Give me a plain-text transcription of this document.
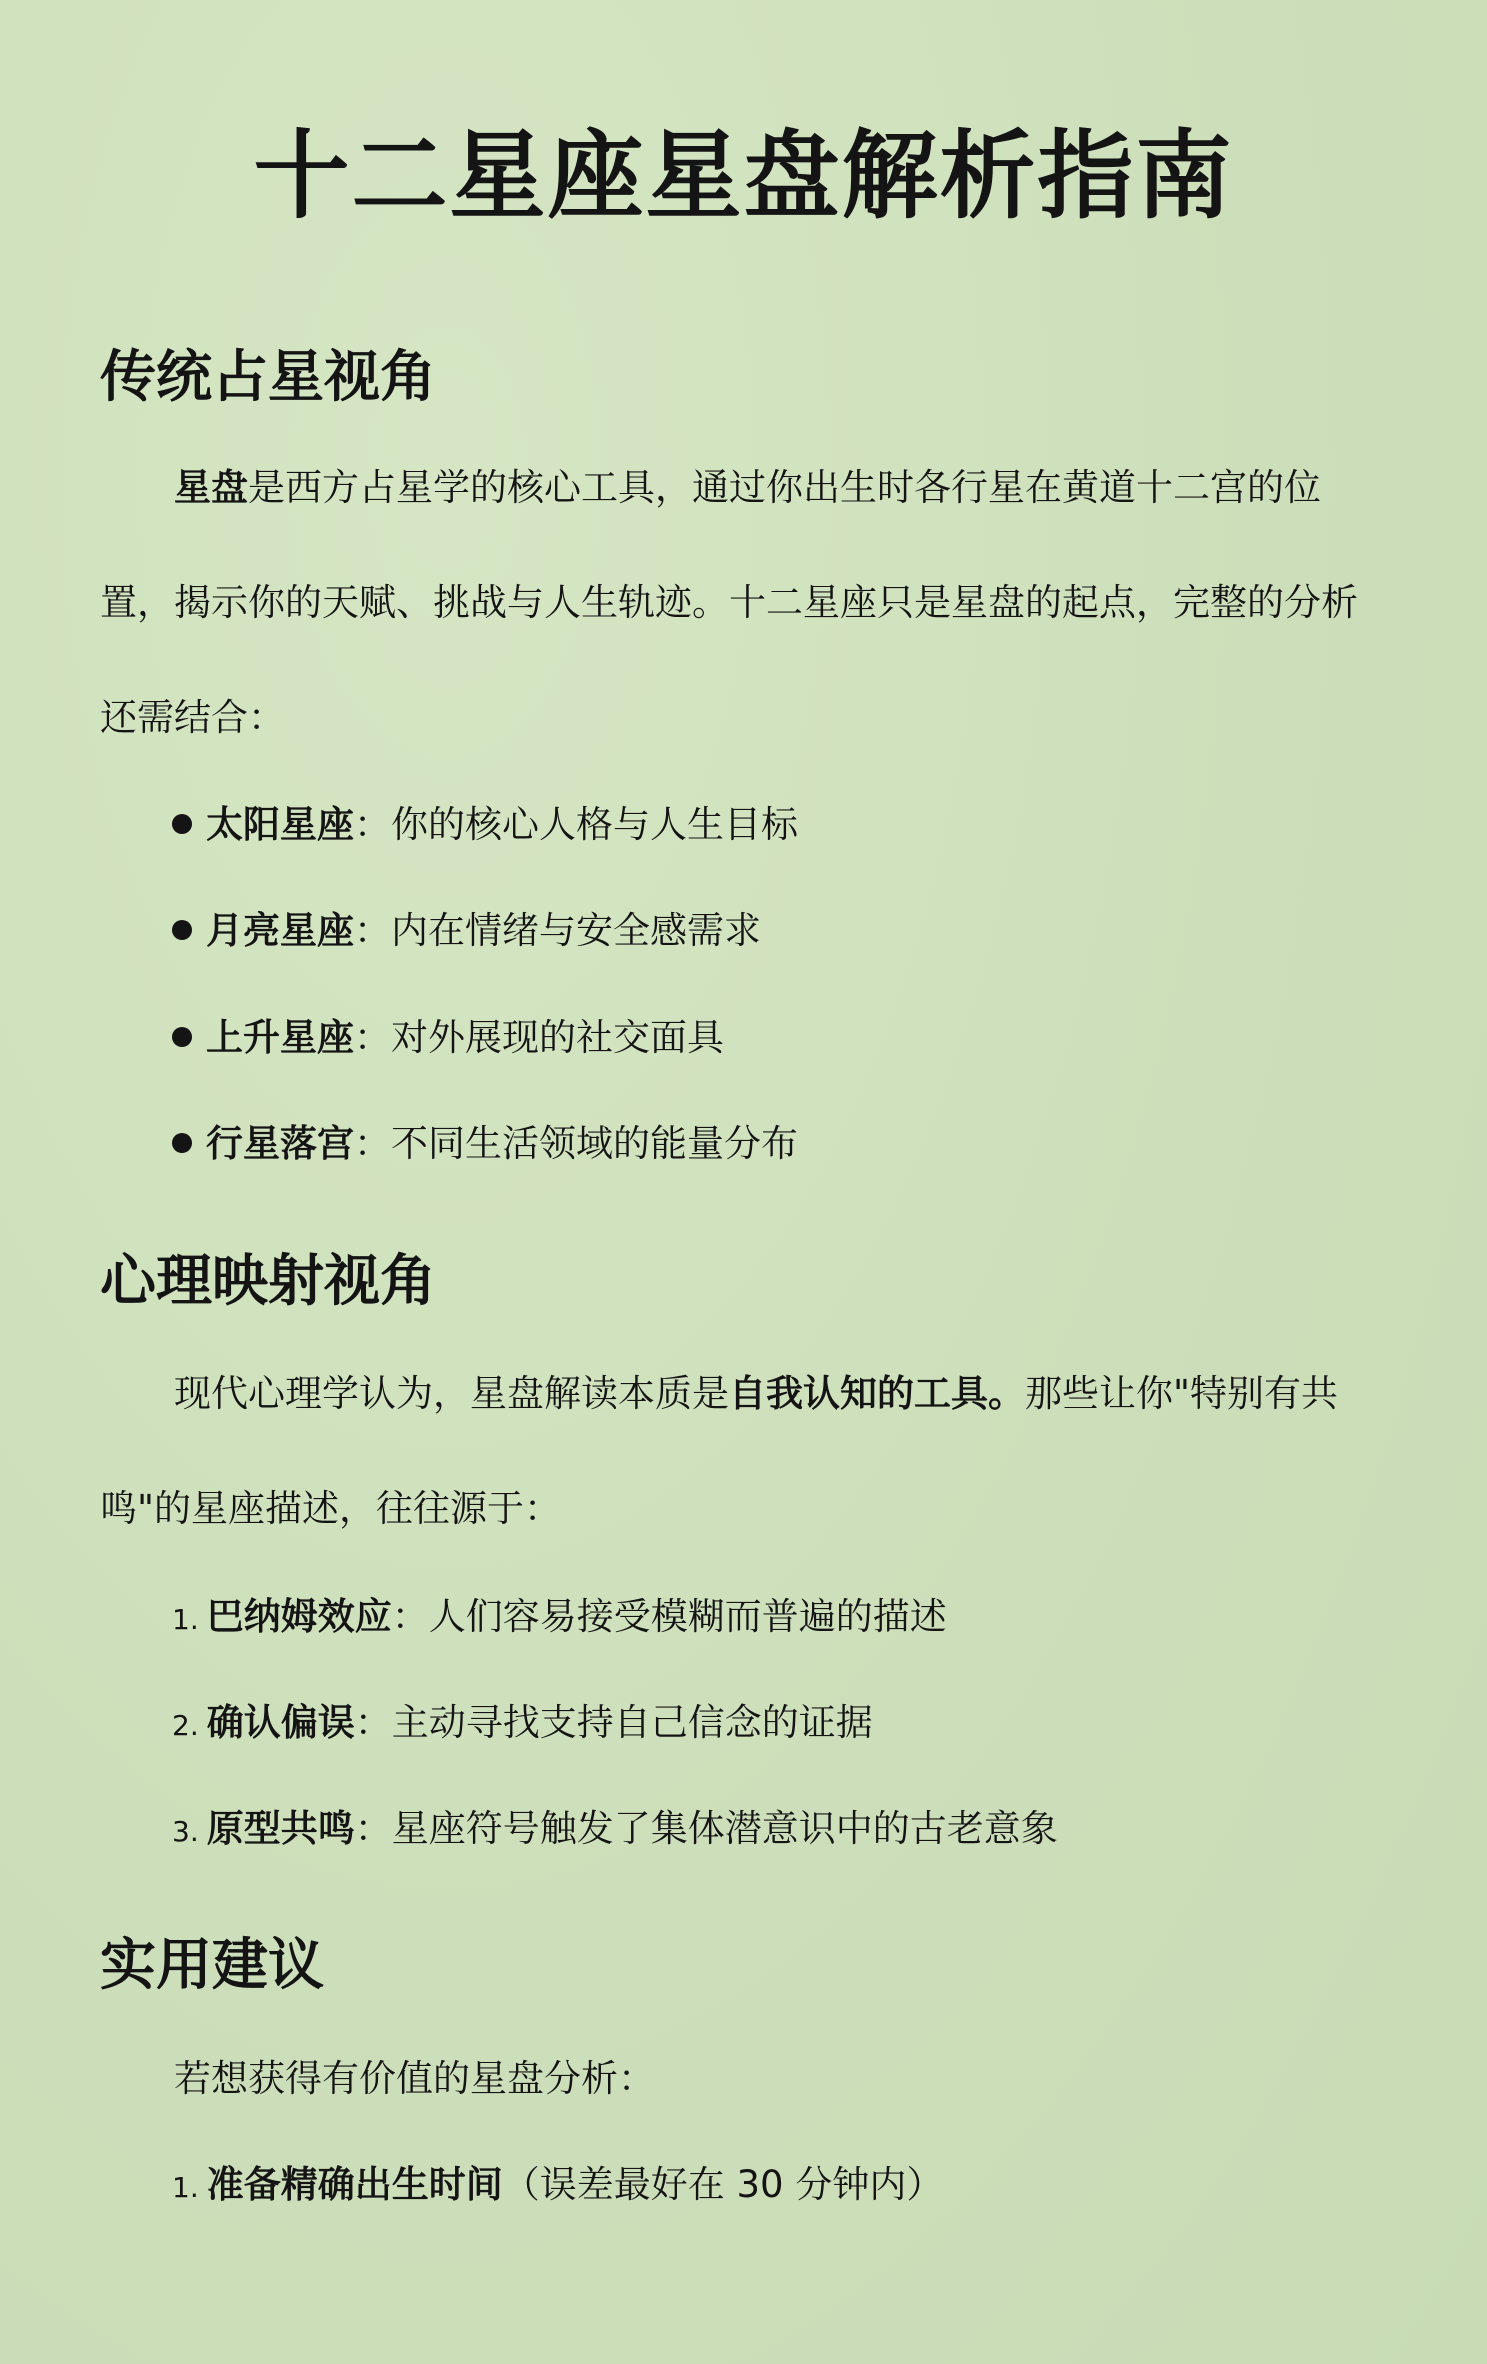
十二星座星盘解析指南
传统占星视角
星盘是西方占星学的核心工具，通过你出生时各行星在黄道十二宫的位置，揭示你的天赋、挑战与人生轨迹。十二星座只是星盘的起点，完整的分析还需结合：
太阳星座：你的核心人格与人生目标
月亮星座：内在情绪与安全感需求
上升星座：对外展现的社交面具
行星落宫：不同生活领域的能量分布
心理映射视角
现代心理学认为，星盘解读本质是自我认知的工具。那些让你"特别有共鸣"的星座描述，往往源于：
1. 巴纳姆效应：人们容易接受模糊而普遍的描述
2. 确认偏误：主动寻找支持自己信念的证据
3. 原型共鸣：星座符号触发了集体潜意识中的古老意象
实用建议
若想获得有价值的星盘分析：
1. 准备精确出生时间（误差最好在 30 分钟内）
